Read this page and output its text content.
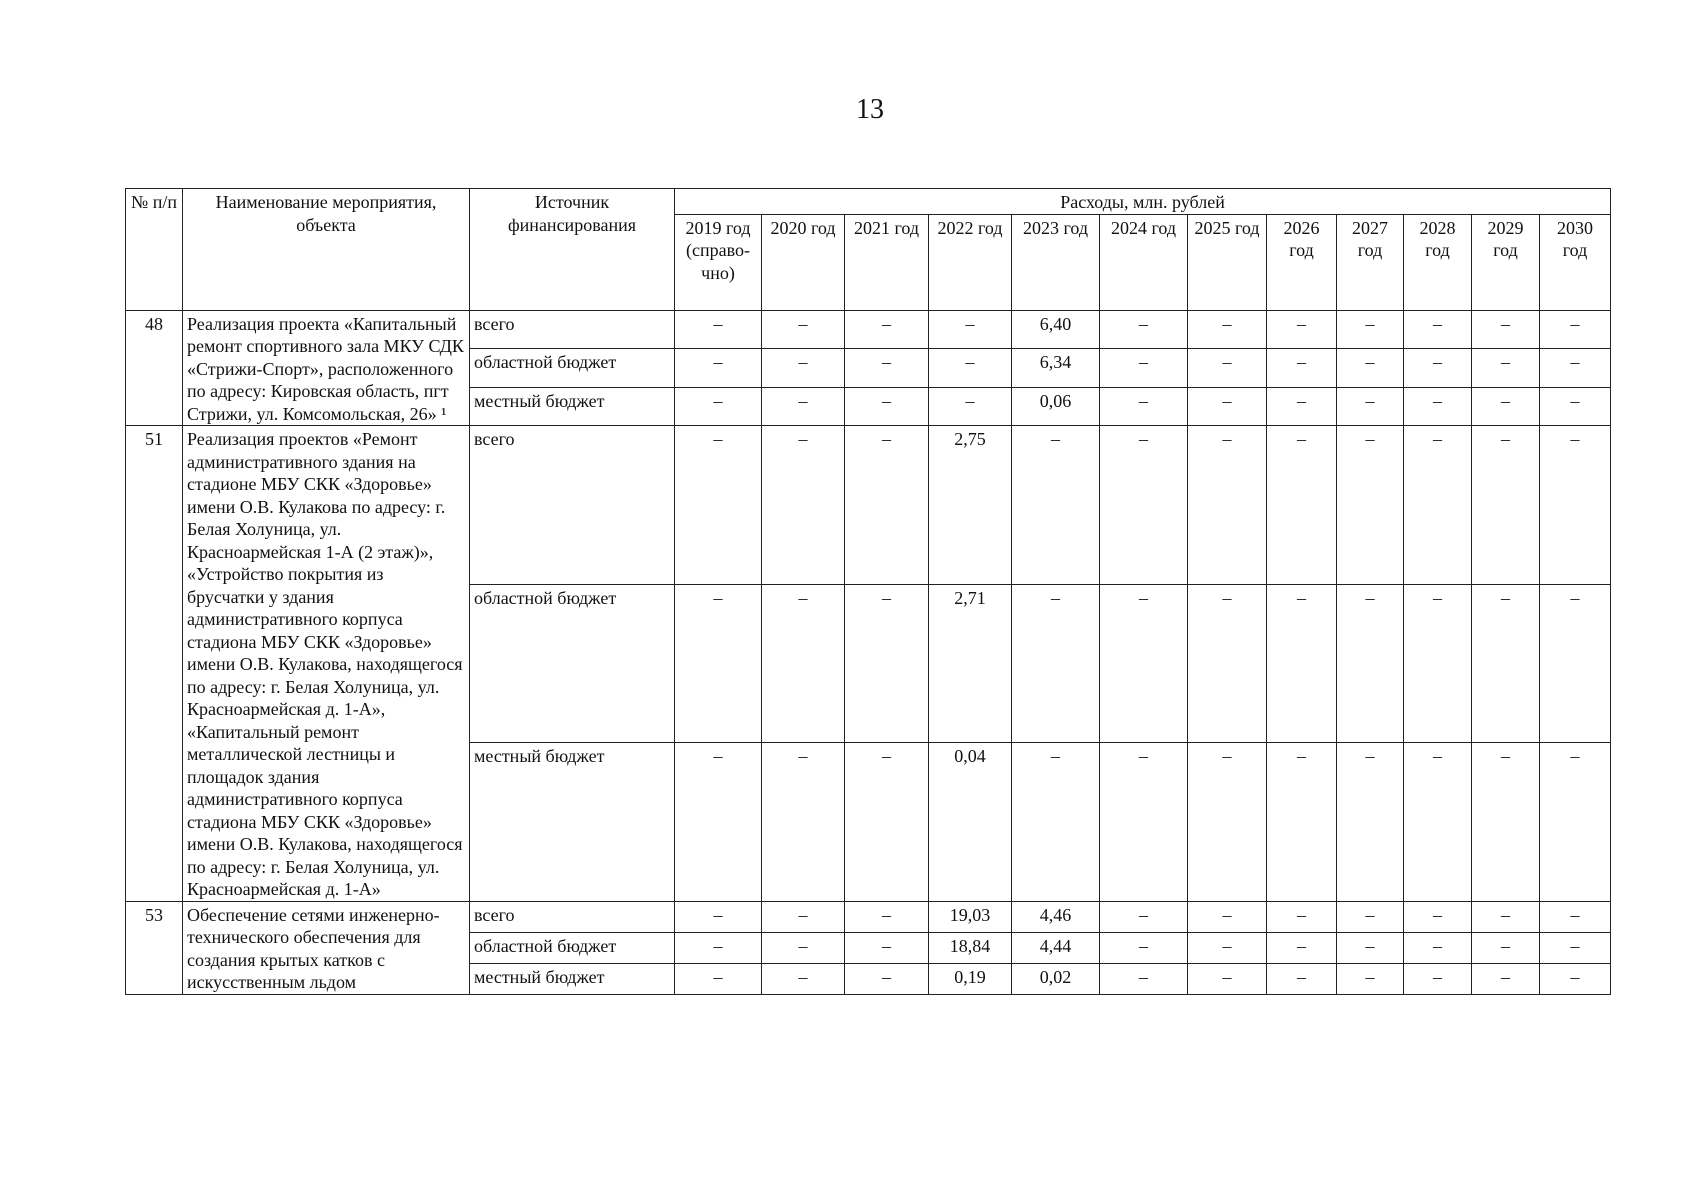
13
№ п/п	Наименование мероприятия, объекта	Источник финансирования	Расходы, млн. рублей											
			2019 год (справо-чно)	2020 год	2021 год	2022 год	2023 год	2024 год	2025 год	2026 год	2027 год	2028 год	2029 год	2030 год
48	Реализация проекта «Капитальный ремонт спортивного зала МКУ СДК «Стрижи-Спорт», расположенного по адресу: Кировская область, пгт Стрижи, ул. Комсомольская, 26» ¹	всего	–	–	–	–	6,40	–	–	–	–	–	–	–
		областной бюджет	–	–	–	–	6,34	–	–	–	–	–	–	–
		местный бюджет	–	–	–	–	0,06	–	–	–	–	–	–	–
51	Реализация проектов «Ремонт административного здания на стадионе МБУ СКК «Здоровье» имени О.В. Кулакова по адресу: г. Белая Холуница, ул. Красноармейская 1-А (2 этаж)», «Устройство покрытия из брусчатки у здания административного корпуса стадиона МБУ СКК «Здоровье» имени О.В. Кулакова, находящегося по адресу: г. Белая Холуница, ул. Красноармейская д. 1-А», «Капитальный ремонт металлической лестницы и площадок здания административного корпуса стадиона МБУ СКК «Здоровье» имени О.В. Кулакова, находящегося по адресу: г. Белая Холуница, ул. Красноармейская д. 1-А»	всего	–	–	–	2,75	–	–	–	–	–	–	–	–
		областной бюджет	–	–	–	2,71	–	–	–	–	–	–	–	–
		местный бюджет	–	–	–	0,04	–	–	–	–	–	–	–	–
53	Обеспечение сетями инженерно-технического обеспечения для создания крытых катков с искусственным льдом	всего	–	–	–	19,03	4,46	–	–	–	–	–	–	–
		областной бюджет	–	–	–	18,84	4,44	–	–	–	–	–	–	–
		местный бюджет	–	–	–	0,19	0,02	–	–	–	–	–	–	–
